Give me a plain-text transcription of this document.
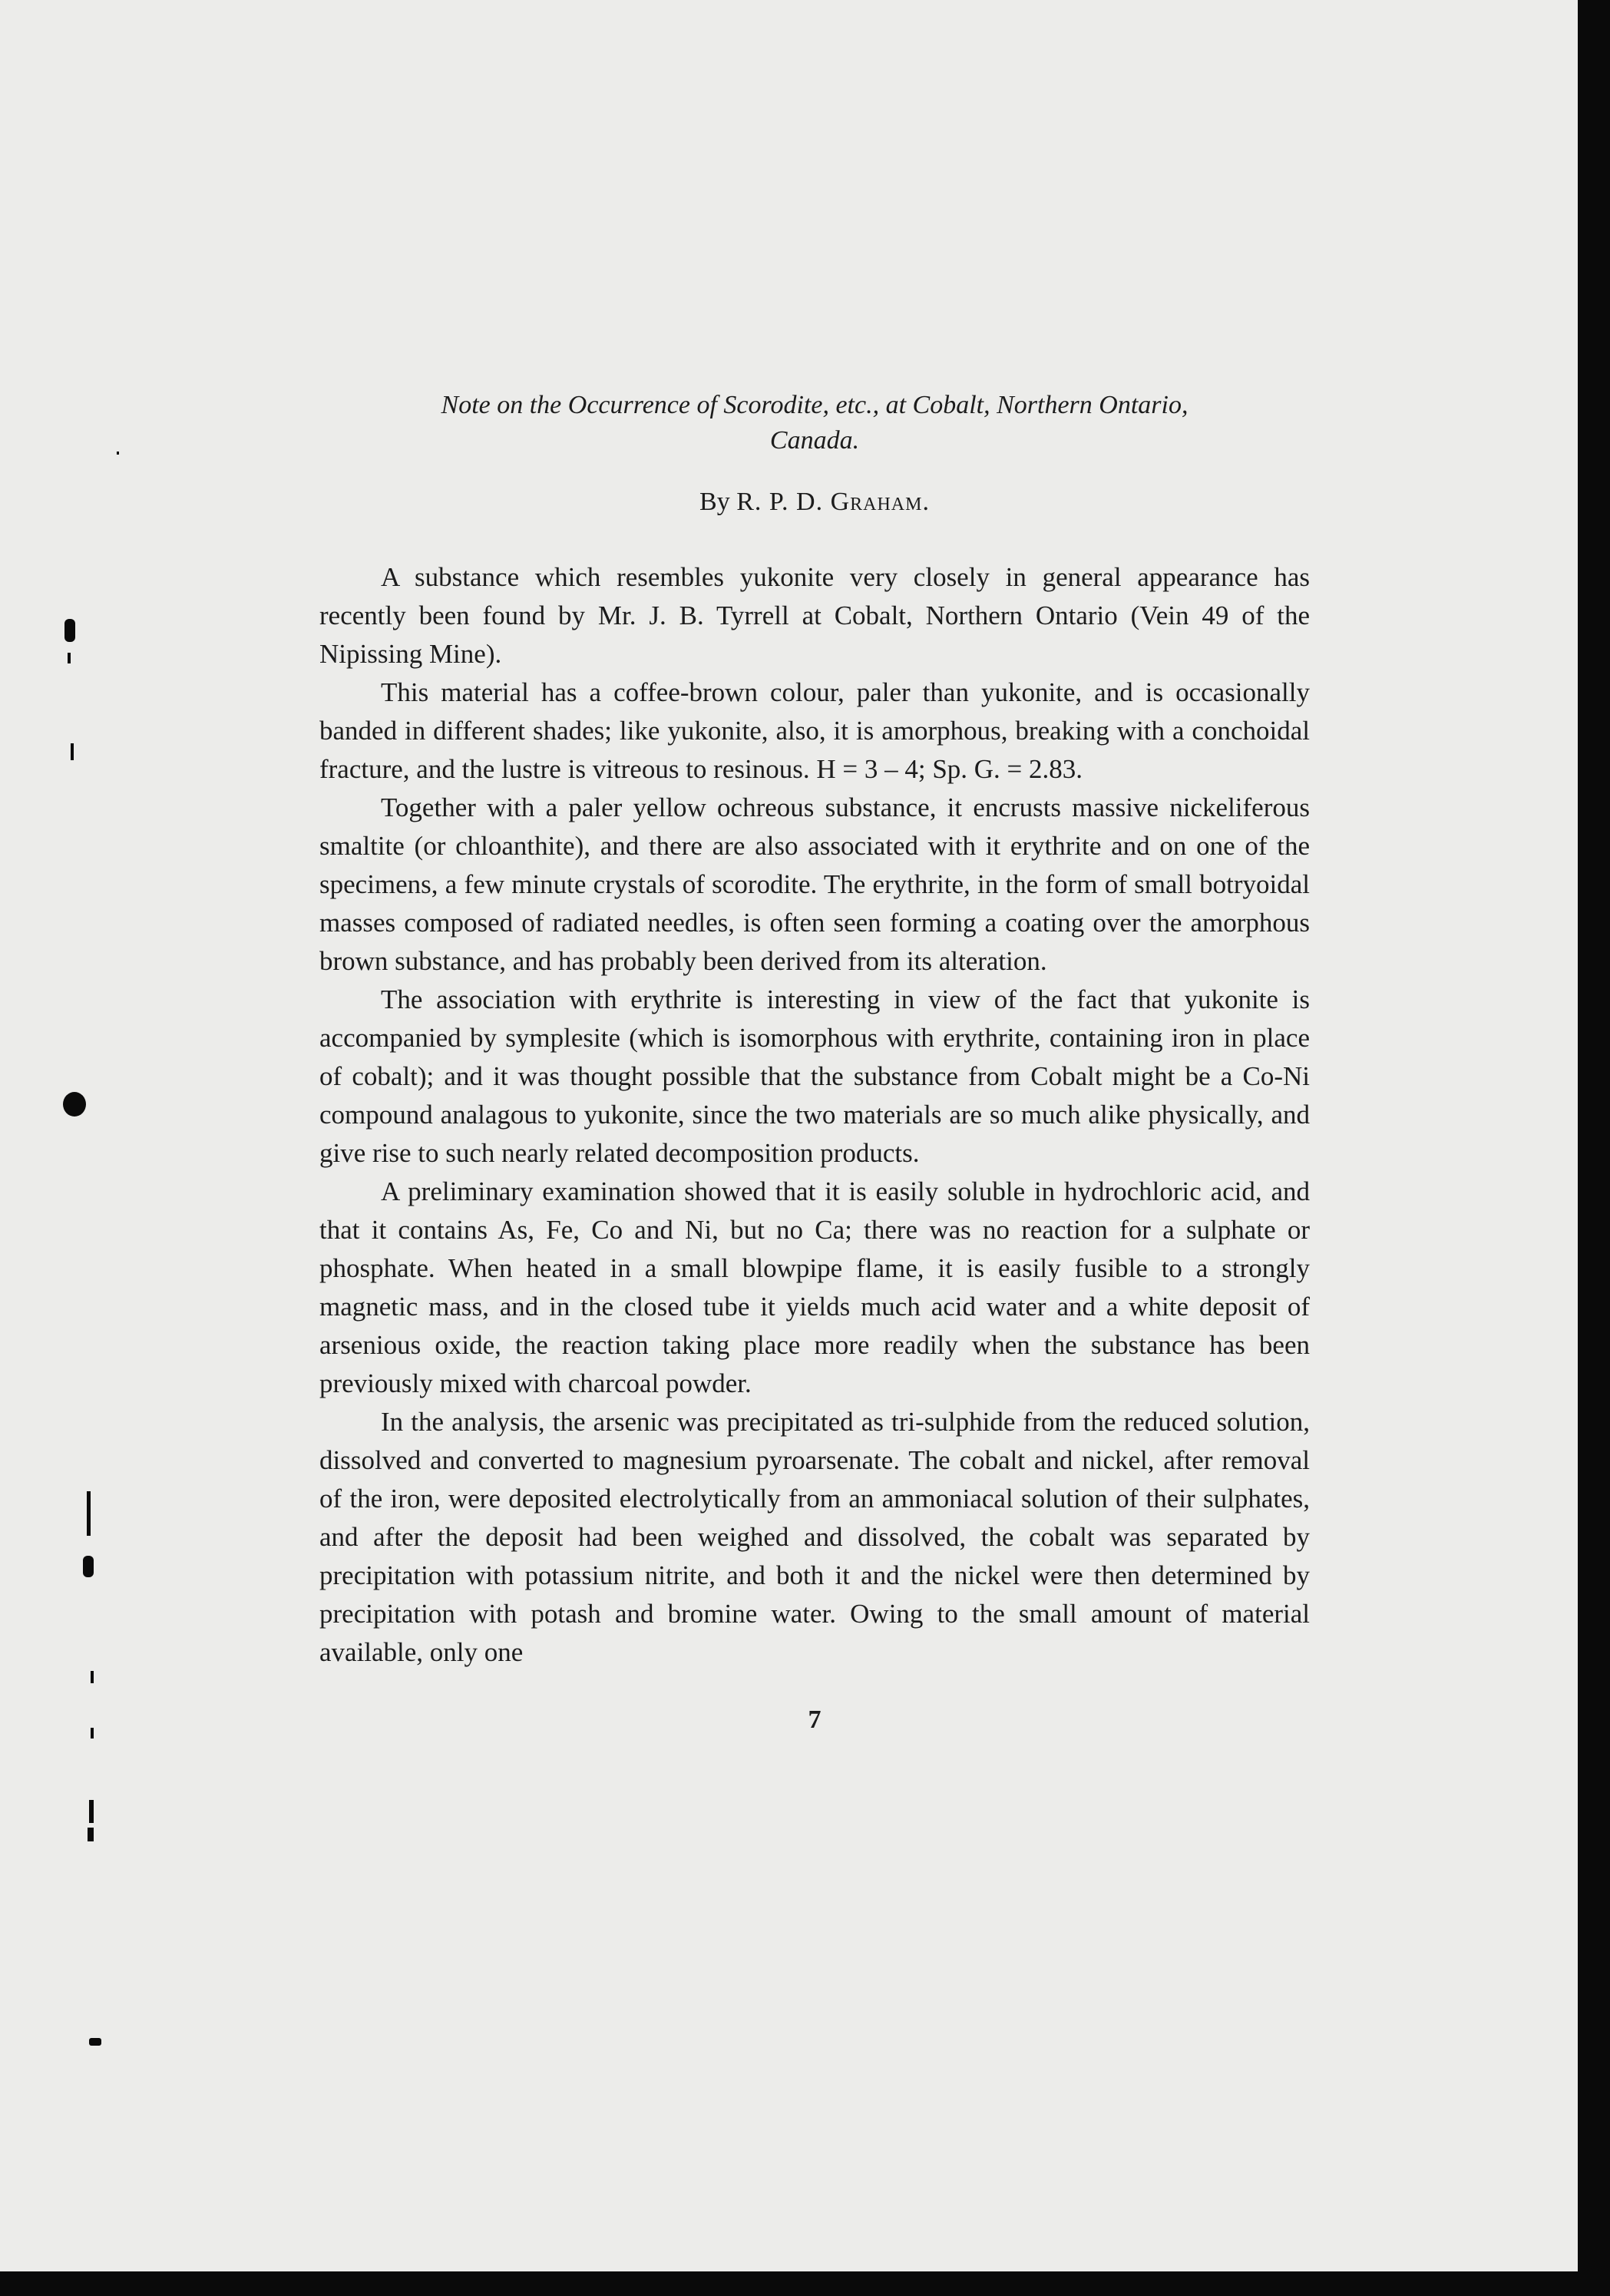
Note on the Occurrence of Scorodite, etc., at Cobalt, Northern Ontario,
Canada.
By R. P. D. Graham.

A substance which resembles yukonite very closely in general appearance has recently been found by Mr. J. B. Tyrrell at Cobalt, Northern Ontario (Vein 49 of the Nipissing Mine).

This material has a coffee-brown colour, paler than yukonite, and is occasionally banded in different shades; like yukonite, also, it is amorphous, breaking with a conchoidal fracture, and the lustre is vitreous to resinous. H = 3 – 4; Sp. G. = 2.83.

Together with a paler yellow ochreous substance, it encrusts massive nickeliferous smaltite (or chloanthite), and there are also associated with it erythrite and on one of the specimens, a few minute crystals of scorodite. The erythrite, in the form of small botryoidal masses composed of radiated needles, is often seen forming a coating over the amorphous brown substance, and has probably been derived from its alteration.

The association with erythrite is interesting in view of the fact that yukonite is accompanied by symplesite (which is isomorphous with erythrite, containing iron in place of cobalt); and it was thought possible that the substance from Cobalt might be a Co-Ni compound analagous to yukonite, since the two materials are so much alike physically, and give rise to such nearly related decomposition products.

A preliminary examination showed that it is easily soluble in hydrochloric acid, and that it contains As, Fe, Co and Ni, but no Ca; there was no reaction for a sulphate or phosphate. When heated in a small blowpipe flame, it is easily fusible to a strongly magnetic mass, and in the closed tube it yields much acid water and a white deposit of arsenious oxide, the reaction taking place more readily when the substance has been previously mixed with charcoal powder.

In the analysis, the arsenic was precipitated as tri-sulphide from the reduced solution, dissolved and converted to magnesium pyroarsenate. The cobalt and nickel, after removal of the iron, were deposited electrolytically from an ammoniacal solution of their sulphates, and after the deposit had been weighed and dissolved, the cobalt was separated by precipitation with potassium nitrite, and both it and the nickel were then determined by precipitation with potash and bromine water. Owing to the small amount of material available, only one

7
